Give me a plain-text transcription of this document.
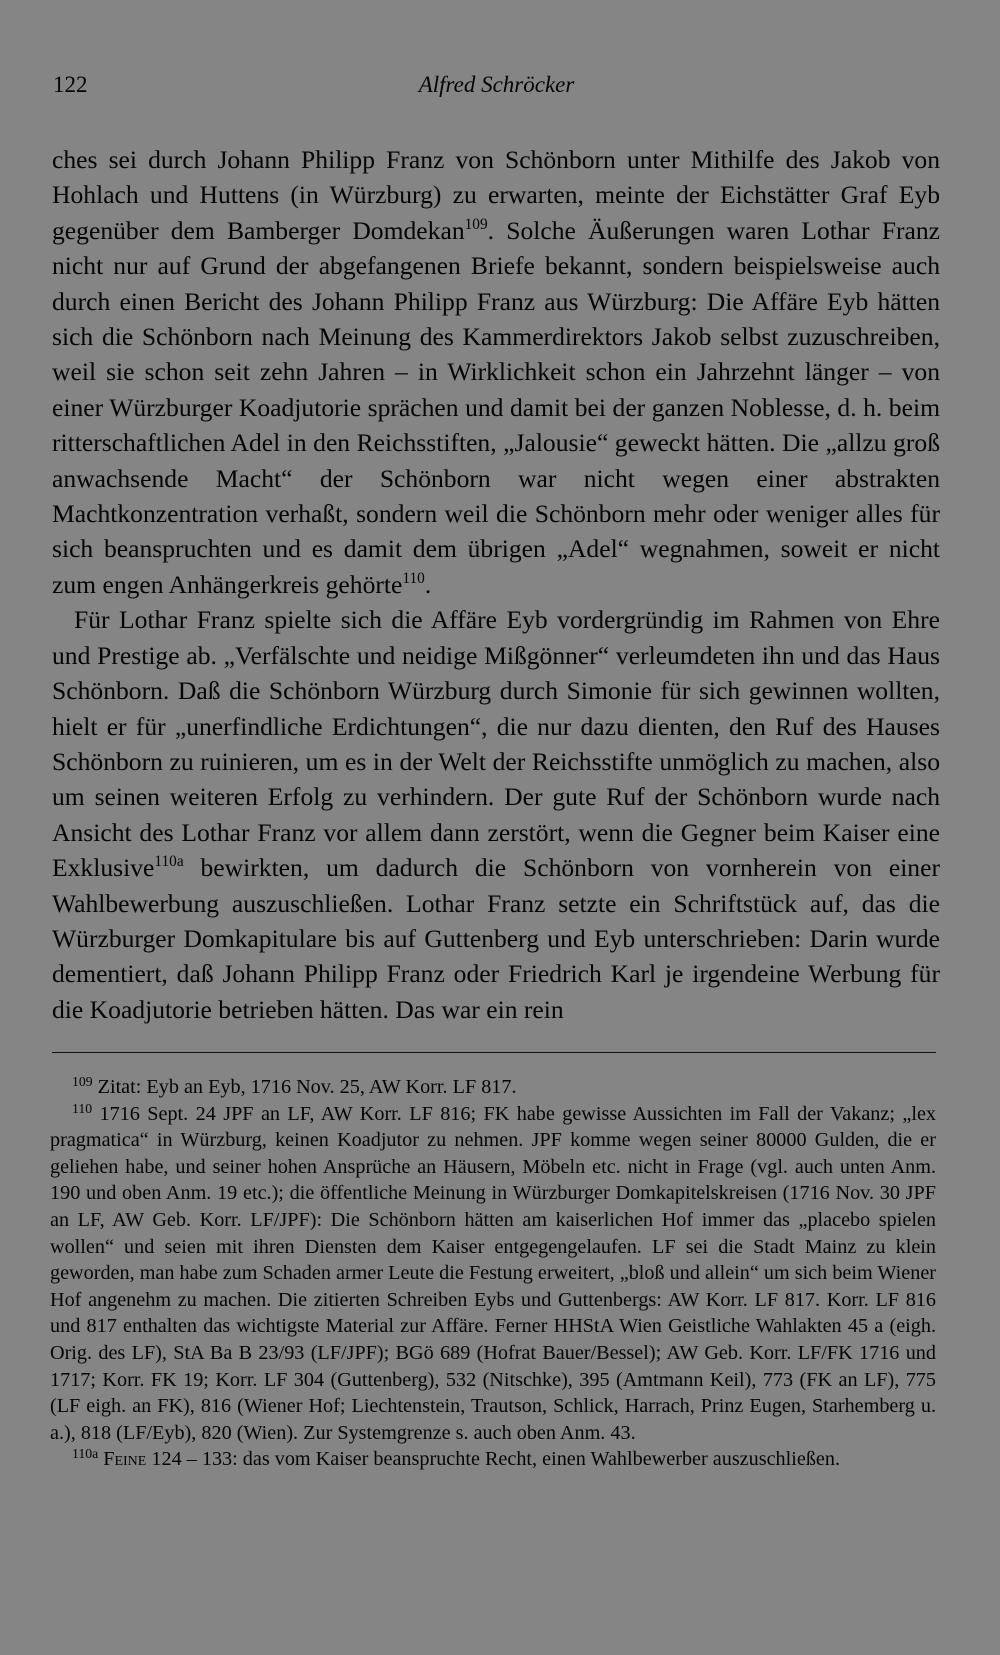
122	Alfred Schröcker

ches sei durch Johann Philipp Franz von Schönborn unter Mithilfe des Jakob von Hohlach und Huttens (in Würzburg) zu erwarten, meinte der Eichstätter Graf Eyb gegenüber dem Bamberger Domdekan$^{109}$. Solche Äußerungen waren Lothar Franz nicht nur auf Grund der abgefangenen Briefe bekannt, sondern beispielsweise auch durch einen Bericht des Johann Philipp Franz aus Würzburg: Die Affäre Eyb hätten sich die Schönborn nach Meinung des Kammerdirektors Jakob selbst zuzuschreiben, weil sie schon seit zehn Jahren – in Wirklichkeit schon ein Jahrzehnt länger – von einer Würzburger Koadjutorie sprächen und damit bei der ganzen Noblesse, d. h. beim ritterschaftlichen Adel in den Reichsstiften, „Jalousie“ geweckt hätten. Die „allzu groß anwachsende Macht“ der Schönborn war nicht wegen einer abstrakten Machtkonzentration verhaßt, sondern weil die Schönborn mehr oder weniger alles für sich beanspruchten und es damit dem übrigen „Adel“ wegnahmen, soweit er nicht zum engen Anhängerkreis gehörte$^{110}$.

Für Lothar Franz spielte sich die Affäre Eyb vordergründig im Rahmen von Ehre und Prestige ab. „Verfälschte und neidige Mißgönner“ verleumdeten ihn und das Haus Schönborn. Daß die Schönborn Würzburg durch Simonie für sich gewinnen wollten, hielt er für „unerfindliche Erdichtungen“, die nur dazu dienten, den Ruf des Hauses Schönborn zu ruinieren, um es in der Welt der Reichsstifte unmöglich zu machen, also um seinen weiteren Erfolg zu verhindern. Der gute Ruf der Schönborn wurde nach Ansicht des Lothar Franz vor allem dann zerstört, wenn die Gegner beim Kaiser eine Exklusive$^{110a}$ bewirkten, um dadurch die Schönborn von vornherein von einer Wahlbewerbung auszuschließen. Lothar Franz setzte ein Schriftstück auf, das die Würzburger Domkapitulare bis auf Guttenberg und Eyb unterschrieben: Darin wurde dementiert, daß Johann Philipp Franz oder Friedrich Karl je irgendeine Werbung für die Koadjutorie betrieben hätten. Das war ein rein

$^{109}$ Zitat: Eyb an Eyb, 1716 Nov. 25, AW Korr. LF 817.

$^{110}$ 1716 Sept. 24 JPF an LF, AW Korr. LF 816; FK habe gewisse Aussichten im Fall der Vakanz; „lex pragmatica“ in Würzburg, keinen Koadjutor zu nehmen. JPF komme wegen seiner 80000 Gulden, die er geliehen habe, und seiner hohen Ansprüche an Häusern, Möbeln etc. nicht in Frage (vgl. auch unten Anm. 190 und oben Anm. 19 etc.); die öffentliche Meinung in Würzburger Domkapitelskreisen (1716 Nov. 30 JPF an LF, AW Geb. Korr. LF/JPF): Die Schönborn hätten am kaiserlichen Hof immer das „placebo spielen wollen“ und seien mit ihren Diensten dem Kaiser entgegengelaufen. LF sei die Stadt Mainz zu klein geworden, man habe zum Schaden armer Leute die Festung erweitert, „bloß und allein“ um sich beim Wiener Hof angenehm zu machen. Die zitierten Schreiben Eybs und Guttenbergs: AW Korr. LF 817. Korr. LF 816 und 817 enthalten das wichtigste Material zur Affäre. Ferner HHStA Wien Geistliche Wahlakten 45 a (eigh. Orig. des LF), StA Ba B 23/93 (LF/JPF); BGö 689 (Hofrat Bauer/Bessel); AW Geb. Korr. LF/FK 1716 und 1717; Korr. FK 19; Korr. LF 304 (Guttenberg), 532 (Nitschke), 395 (Amtmann Keil), 773 (FK an LF), 775 (LF eigh. an FK), 816 (Wiener Hof; Liechtenstein, Trautson, Schlick, Harrach, Prinz Eugen, Starhemberg u. a.), 818 (LF/Eyb), 820 (Wien). Zur Systemgrenze s. auch oben Anm. 43.

$^{110a}$ Feine 124 – 133: das vom Kaiser beanspruchte Recht, einen Wahlbewerber auszuschließen.
